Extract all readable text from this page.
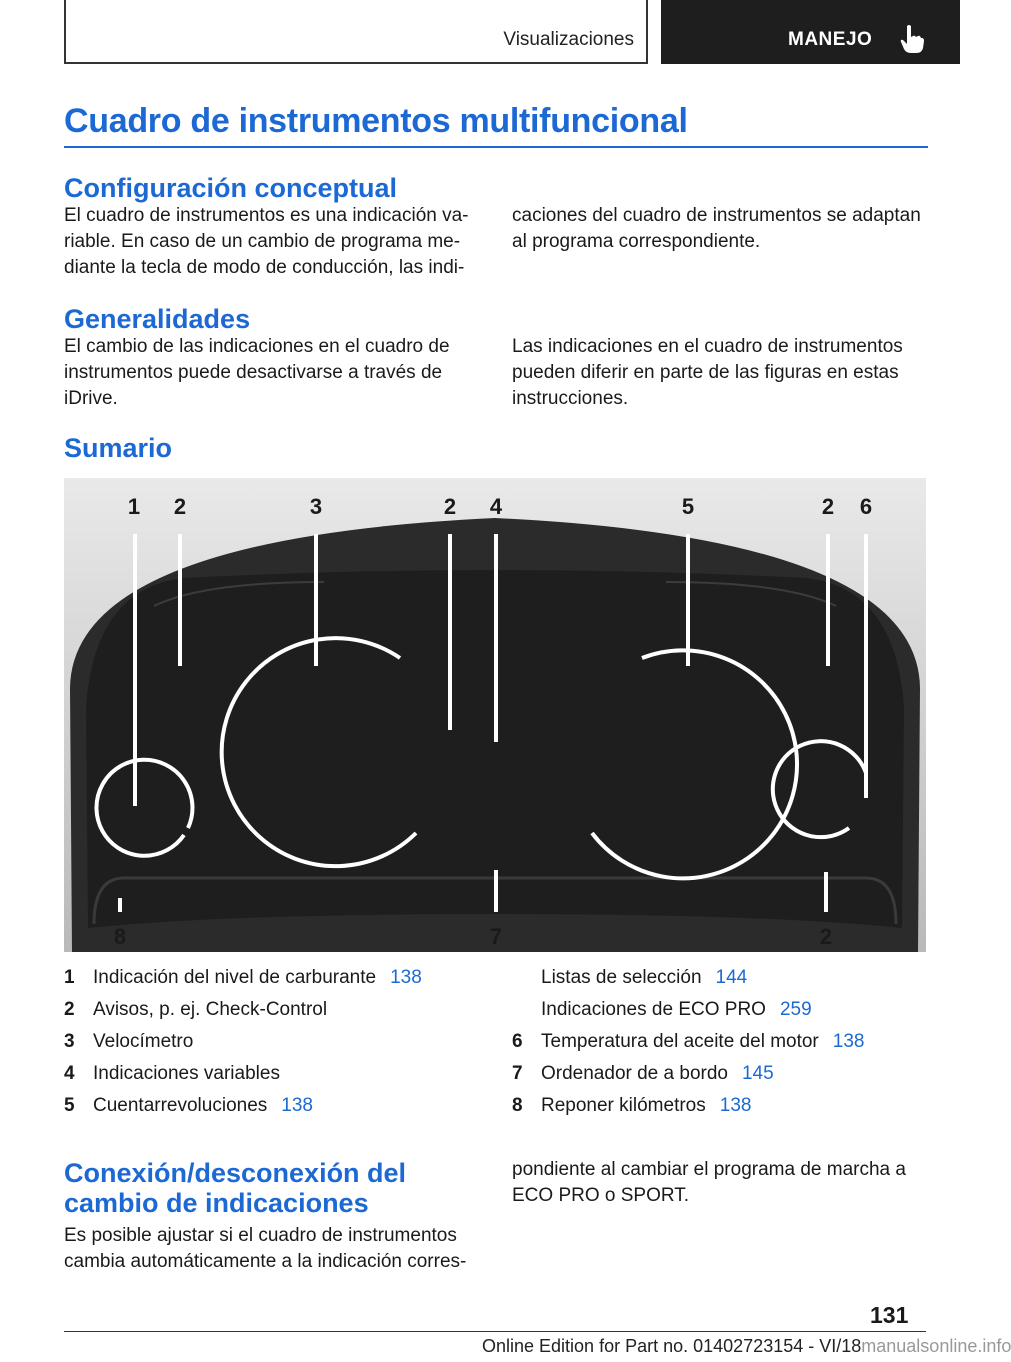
Visualizaciones	MANEJO
Cuadro de instrumentos multifuncional
Configuración conceptual

El cuadro de instrumentos es una indicación va-

riable. En caso de un cambio de programa me-

diante la tecla de modo de conducción, las indi-

caciones del cuadro de instrumentos se adaptan

al programa correspondiente.

Generalidades

El cambio de las indicaciones en el cuadro de

instrumentos puede desactivarse a través de

iDrive.

Las indicaciones en el cuadro de instrumentos

pueden diferir en parte de las figuras en estas

instrucciones.

Sumario
1 2	3	2 4	5	2 6
8	7	2
1 Indicación del nivel de carburante 138
2 Avisos, p. ej. Check-Control
3 Velocímetro
4 Indicaciones variables
5 Cuentarrevoluciones 138
Listas de selección 144
Indicaciones de ECO PRO 259
6 Temperatura del aceite del motor 138
7 Ordenador de a bordo 145
8 Reponer kilómetros 138
Conexión/desconexión del
cambio de indicaciones

Es posible ajustar si el cuadro de instrumentos

cambia automáticamente a la indicación corres-

pondiente al cambiar el programa de marcha a

ECO PRO o SPORT.

131
Online Edition for Part no. 01402723154 - VI/18manualsonline.info
